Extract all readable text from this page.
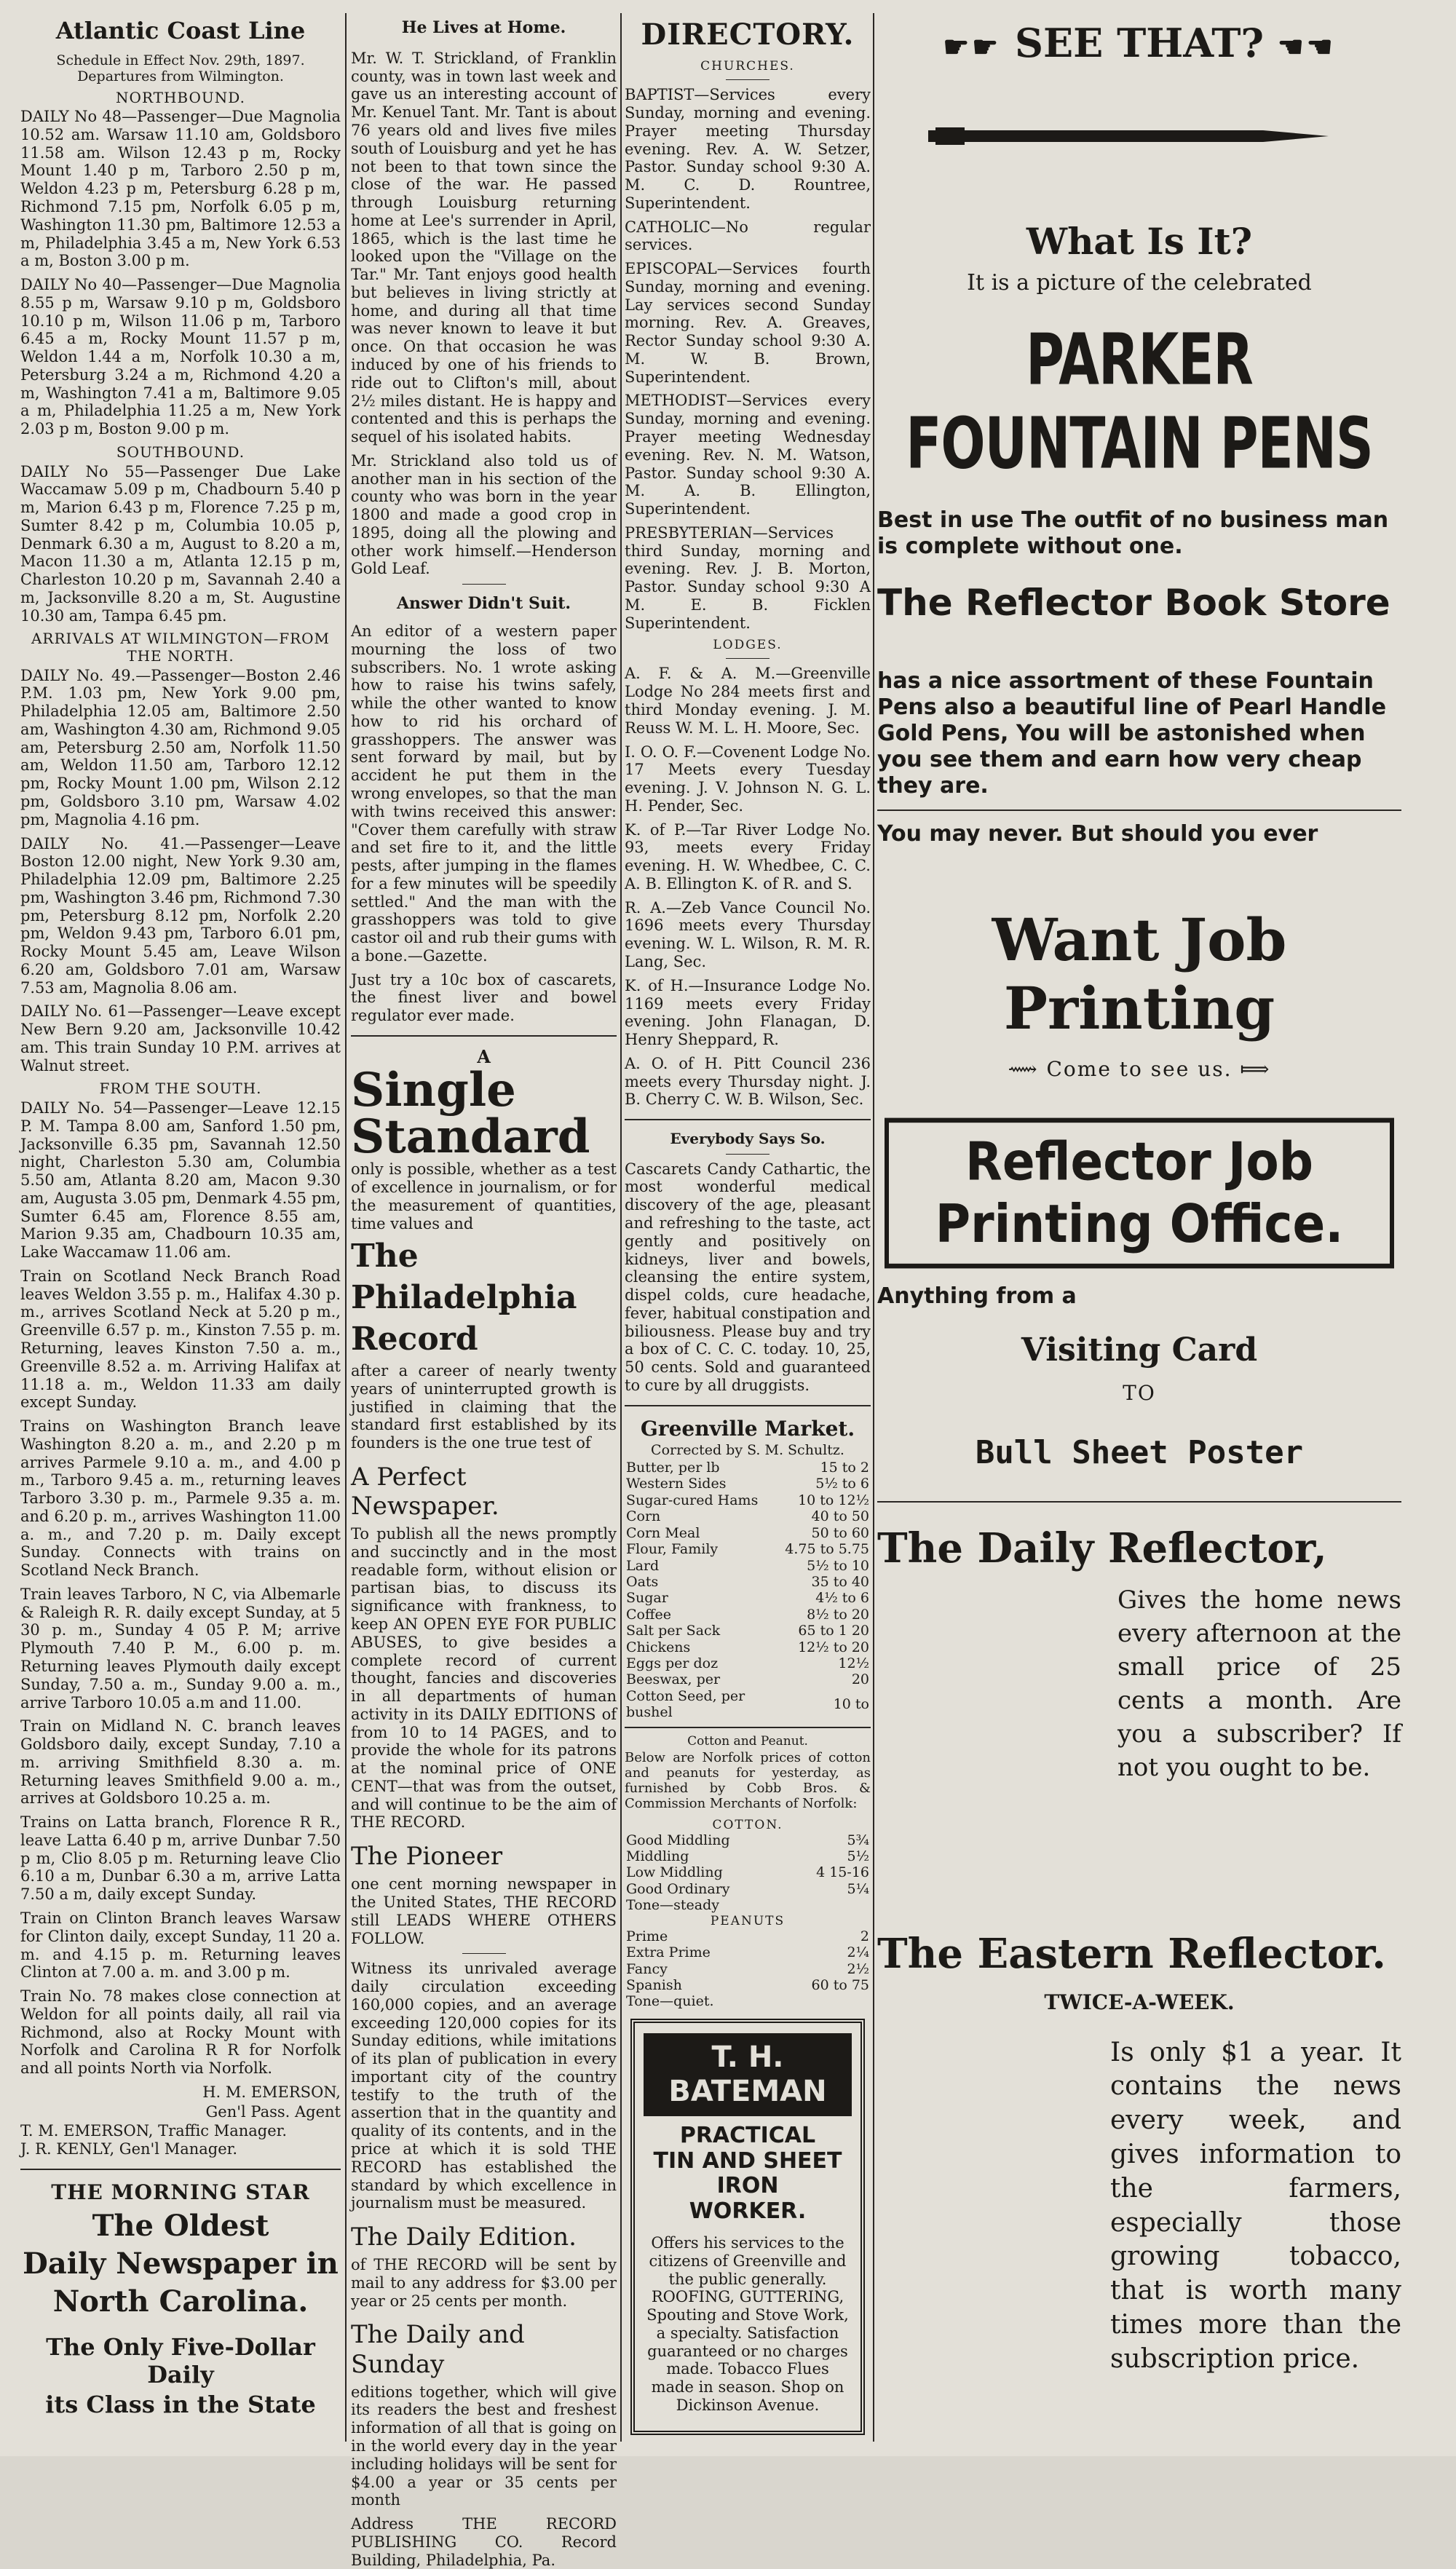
Atlantic Coast Line
Schedule in Effect Nov. 29th, 1897. Departures from Wilmington.
NORTHBOUND.

DAILY No 48—Passenger—Due Magnolia 10.52 am. Warsaw 11.10 am, Goldsboro 11.58 am. Wilson 12.43 p m, Rocky Mount 1.40 p m, Tarboro 2.50 p m, Weldon 4.23 p m, Petersburg 6.28 p m, Richmond 7.15 pm, Norfolk 6.05 p m, Washington 11.30 pm, Baltimore 12.53 a m, Philadelphia 3.45 a m, New York 6.53 a m, Boston 3.00 p m.

DAILY No 40—Passenger—Due Magnolia 8.55 p m, Warsaw 9.10 p m, Goldsboro 10.10 p m, Wilson 11.06 p m, Tarboro 6.45 a m, Rocky Mount 11.57 p m, Weldon 1.44 a m, Norfolk 10.30 a m, Petersburg 3.24 a m, Richmond 4.20 a m, Washington 7.41 a m, Baltimore 9.05 a m, Philadelphia 11.25 a m, New York 2.03 p m, Boston 9.00 p m.

SOUTHBOUND.

DAILY No 55—Passenger Due Lake Waccamaw 5.09 p m, Chadbourn 5.40 p m, Marion 6.43 p m, Florence 7.25 p m, Sumter 8.42 p m, Columbia 10.05 p, Denmark 6.30 a m, August to 8.20 a m, Macon 11.30 a m, Atlanta 12.15 p m, Charleston 10.20 p m, Savannah 2.40 a m, Jacksonville 8.20 a m, St. Augustine 10.30 am, Tampa 6.45 pm.

ARRIVALS AT WILMINGTON—FROM THE NORTH.

DAILY No. 49.—Passenger—Boston 2.46 P.M. 1.03 pm, New York 9.00 pm, Philadelphia 12.05 am, Baltimore 2.50 am, Washington 4.30 am, Richmond 9.05 am, Petersburg 2.50 am, Norfolk 11.50 am, Weldon 11.50 am, Tarboro 12.12 pm, Rocky Mount 1.00 pm, Wilson 2.12 pm, Goldsboro 3.10 pm, Warsaw 4.02 pm, Magnolia 4.16 pm.

DAILY No. 41.—Passenger—Leave Boston 12.00 night, New York 9.30 am, Philadelphia 12.09 pm, Baltimore 2.25 pm, Washington 3.46 pm, Richmond 7.30 pm, Petersburg 8.12 pm, Norfolk 2.20 pm, Weldon 9.43 pm, Tarboro 6.01 pm, Rocky Mount 5.45 am, Leave Wilson 6.20 am, Goldsboro 7.01 am, Warsaw 7.53 am, Magnolia 8.06 am.

DAILY No. 61—Passenger—Leave except New Bern 9.20 am, Jacksonville 10.42 am. This train Sunday 10 P.M. arrives at Walnut street.

FROM THE SOUTH.

DAILY No. 54—Passenger—Leave 12.15 P. M. Tampa 8.00 am, Sanford 1.50 pm, Jacksonville 6.35 pm, Savannah 12.50 night, Charleston 5.30 am, Columbia 5.50 am, Atlanta 8.20 am, Macon 9.30 am, Augusta 3.05 pm, Denmark 4.55 pm, Sumter 6.45 am, Florence 8.55 am, Marion 9.35 am, Chadbourn 10.35 am, Lake Waccamaw 11.06 am.

Train on Scotland Neck Branch Road leaves Weldon 3.55 p. m., Halifax 4.30 p. m., arrives Scotland Neck at 5.20 p m., Greenville 6.57 p. m., Kinston 7.55 p. m. Returning, leaves Kinston 7.50 a. m., Greenville 8.52 a. m. Arriving Halifax at 11.18 a. m., Weldon 11.33 am daily except Sunday.

Trains on Washington Branch leave Washington 8.20 a. m., and 2.20 p m arrives Parmele 9.10 a. m., and 4.00 p m., Tarboro 9.45 a. m., returning leaves Tarboro 3.30 p. m., Parmele 9.35 a. m. and 6.20 p. m., arrives Washington 11.00 a. m., and 7.20 p. m. Daily except Sunday. Connects with trains on Scotland Neck Branch.

Train leaves Tarboro, N C, via Albemarle & Raleigh R. R. daily except Sunday, at 5 30 p. m., Sunday 4 05 P. M; arrive Plymouth 7.40 P. M., 6.00 p. m. Returning leaves Plymouth daily except Sunday, 7.50 a. m., Sunday 9.00 a. m., arrive Tarboro 10.05 a.m and 11.00.

Train on Midland N. C. branch leaves Goldsboro daily, except Sunday, 7.10 a m. arriving Smithfield 8.30 a. m. Returning leaves Smithfield 9.00 a. m., arrives at Goldsboro 10.25 a. m.

Trains on Latta branch, Florence R R., leave Latta 6.40 p m, arrive Dunbar 7.50 p m, Clio 8.05 p m. Returning leave Clio 6.10 a m, Dunbar 6.30 a m, arrive Latta 7.50 a m, daily except Sunday.

Train on Clinton Branch leaves Warsaw for Clinton daily, except Sunday, 11 20 a. m. and 4.15 p. m. Returning leaves Clinton at 7.00 a. m. and 3.00 p m.

Train No. 78 makes close connection at Weldon for all points daily, all rail via Richmond, also at Rocky Mount with Norfolk and Carolina R R for Norfolk and all points North via Norfolk.

H. M. EMERSON,
Gen'l Pass. Agent
T. M. EMERSON, Traffic Manager.
J. R. KENLY, Gen'l Manager.
THE MORNING STAR
The Oldest
Daily Newspaper in
North Carolina.
The Only Five-Dollar Daily
its Class in the State
He Lives at Home.

Mr. W. T. Strickland, of Franklin county, was in town last week and gave us an interesting account of Mr. Kenuel Tant. Mr. Tant is about 76 years old and lives five miles south of Louisburg and yet he has not been to that town since the close of the war. He passed through Louisburg returning home at Lee's surrender in April, 1865, which is the last time he looked upon the "Village on the Tar." Mr. Tant enjoys good health but believes in living strictly at home, and during all that time was never known to leave it but once. On that occasion he was induced by one of his friends to ride out to Clifton's mill, about 2½ miles distant. He is happy and contented and this is perhaps the sequel of his isolated habits.

Mr. Strickland also told us of another man in his section of the county who was born in the year 1800 and made a good crop in 1895, doing all the plowing and other work himself.—Henderson Gold Leaf.

Answer Didn't Suit.

An editor of a western paper mourning the loss of two subscribers. No. 1 wrote asking how to raise his twins safely, while the other wanted to know how to rid his orchard of grasshoppers. The answer was sent forward by mail, but by accident he put them in the wrong envelopes, so that the man with twins received this answer: "Cover them carefully with straw and set fire to it, and the little pests, after jumping in the flames for a few minutes will be speedily settled." And the man with the grasshoppers was told to give castor oil and rub their gums with a bone.—Gazette.

Just try a 10c box of cascarets, the finest liver and bowel regulator ever made.

A
Single
Standard

only is possible, whether as a test of excellence in journalism, or for the measurement of quantities, time values and

The
Philadelphia
Record

after a career of nearly twenty years of uninterrupted growth is justified in claiming that the standard first established by its founders is the one true test of

A Perfect Newspaper.

To publish all the news promptly and succinctly and in the most readable form, without elision or partisan bias, to discuss its significance with frankness, to keep AN OPEN EYE FOR PUBLIC ABUSES, to give besides a complete record of current thought, fancies and discoveries in all departments of human activity in its DAILY EDITIONS of from 10 to 14 PAGES, and to provide the whole for its patrons at the nominal price of ONE CENT—that was from the outset, and will continue to be the aim of THE RECORD.

The Pioneer

one cent morning newspaper in the United States, THE RECORD still LEADS WHERE OTHERS FOLLOW.

Witness its unrivaled average daily circulation exceeding 160,000 copies, and an average exceeding 120,000 copies for its Sunday editions, while imitations of its plan of publication in every important city of the country testify to the truth of the assertion that in the quantity and quality of its contents, and in the price at which it is sold THE RECORD has established the standard by which excellence in journalism must be measured.

The Daily Edition.

of THE RECORD will be sent by mail to any address for $3.00 per year or 25 cents per month.

The Daily and Sunday

editions together, which will give its readers the best and freshest information of all that is going on in the world every day in the year including holidays will be sent for $4.00 a year or 35 cents per month

Address THE RECORD PUBLISHING CO. Record Building, Philadelphia, Pa.

DIRECTORY.
CHURCHES.

BAPTIST—Services every Sunday, morning and evening. Prayer meeting Thursday evening. Rev. A. W. Setzer, Pastor. Sunday school 9:30 A. M. C. D. Rountree, Superintendent.

CATHOLIC—No regular services.

EPISCOPAL—Services fourth Sunday, morning and evening. Lay services second Sunday morning. Rev. A. Greaves, Rector Sunday school 9:30 A. M. W. B. Brown, Superintendent.

METHODIST—Services every Sunday, morning and evening. Prayer meeting Wednesday evening. Rev. N. M. Watson, Pastor. Sunday school 9:30 A. M. A. B. Ellington, Superintendent.

PRESBYTERIAN—Services third Sunday, morning and evening. Rev. J. B. Morton, Pastor. Sunday school 9:30 A M. E. B. Ficklen Superintendent.

LODGES.

A. F. & A. M.—Greenville Lodge No 284 meets first and third Monday evening. J. M. Reuss W. M. L. H. Moore, Sec.

I. O. O. F.—Covenent Lodge No. 17 Meets every Tuesday evening. J. V. Johnson N. G. L. H. Pender, Sec.

K. of P.—Tar River Lodge No. 93, meets every Friday evening. H. W. Whedbee, C. C. A. B. Ellington K. of R. and S.

R. A.—Zeb Vance Council No. 1696 meets every Thursday evening. W. L. Wilson, R. M. R. Lang, Sec.

K. of H.—Insurance Lodge No. 1169 meets every Friday evening. John Flanagan, D. Henry Sheppard, R.

A. O. of H. Pitt Council 236 meets every Thursday night. J. B. Cherry C. W. B. Wilson, Sec.

Everybody Says So.

Cascarets Candy Cathartic, the most wonderful medical discovery of the age, pleasant and refreshing to the taste, act gently and positively on kidneys, liver and bowels, cleansing the entire system, dispel colds, cure headache, fever, habitual constipation and biliousness. Please buy and try a box of C. C. C. today. 10, 25, 50 cents. Sold and guaranteed to cure by all druggists.

Greenville Market.
Corrected by S. M. Schultz.
Butter, per lb	15 to 2
Western Sides	5½ to 6
Sugar-cured Hams	10 to 12½
Corn	40 to 50
Corn Meal	50 to 60
Flour, Family	4.75 to 5.75
Lard	5½ to 10
Oats	35 to 40
Sugar	4½ to 6
Coffee	8½ to 20
Salt per Sack	65 to 1 20
Chickens	12½ to 20
Eggs per doz	12½
Beeswax, per	20
Cotton Seed, per bushel	10 to
Cotton and Peanut.

Below are Norfolk prices of cotton and peanuts for yesterday, as furnished by Cobb Bros. & Commission Merchants of Norfolk:

COTTON.
Good Middling	5¾
Middling	5½
Low Middling	4 15-16
Good Ordinary	5¼
Tone—steady	
PEANUTS
Prime	2
Extra Prime	2¼
Fancy	2½
Spanish	60 to 75
Tone—quiet.	
T. H. BATEMAN
PRACTICAL
TIN AND SHEET IRON
WORKER.

Offers his services to the citizens of Greenville and the public generally. ROOFING, GUTTERING, Spouting and Stove Work, a specialty. Satisfaction guaranteed or no charges made. Tobacco Flues made in season. Shop on Dickinson Avenue.

☛☛ SEE THAT? ☚☚
What Is It?
It is a picture of the celebrated
PARKER FOUNTAIN PENS
Best in use The outfit of no business man is complete without one.
The Reflector Book Store
has a nice assortment of these Fountain Pens also a beautiful line of Pearl Handle Gold Pens, You will be astonished when you see them and earn how very cheap they are.
You may never. But should you ever
Want Job Printing
⟿ Come to see us. ⟾
Reflector Job Printing Office.
Anything from a
Visiting Card
TO
Bull Sheet Poster
The Daily Reflector,
Gives the home news every afternoon at the small price of 25 cents a month. Are you a subscriber? If not you ought to be.
The Eastern Reflector.
TWICE-A-WEEK.
Is only $1 a year. It contains the news every week, and gives information to the farmers, especially those growing tobacco, that is worth many times more than the subscription price.
